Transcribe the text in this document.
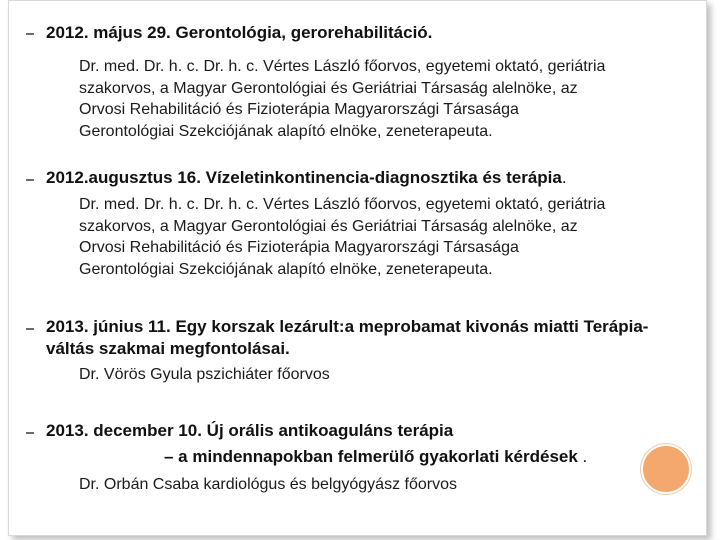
2012. május 29. Gerontológia, gerorehabilitáció.
Dr. med. Dr. h. c. Dr. h. c. Vértes László főorvos, egyetemi oktató, geriátria
szakorvos, a Magyar Gerontológiai és Geriátriai Társaság alelnöke, az
Orvosi Rehabilitáció és Fizioterápia Magyarországi Társasága
Gerontológiai Szekciójának alapító elnöke, zeneterapeuta.
2012.augusztus 16. Vízeletinkontinencia-diagnosztika és terápia.
Dr. med. Dr. h. c. Dr. h. c. Vértes László főorvos, egyetemi oktató, geriátria
szakorvos, a Magyar Gerontológiai és Geriátriai Társaság alelnöke, az
Orvosi Rehabilitáció és Fizioterápia Magyarországi Társasága
Gerontológiai Szekciójának alapító elnöke, zeneterapeuta.
2013. június 11. Egy korszak lezárult:a meprobamat kivonás miatti Terápia-
váltás szakmai megfontolásai.
Dr. Vörös Gyula pszichiáter főorvos
2013. december 10. Új orális antikoaguláns terápia
– a mindennapokban felmerülő gyakorlati kérdések .
Dr. Orbán Csaba kardiológus és belgyógyász főorvos
